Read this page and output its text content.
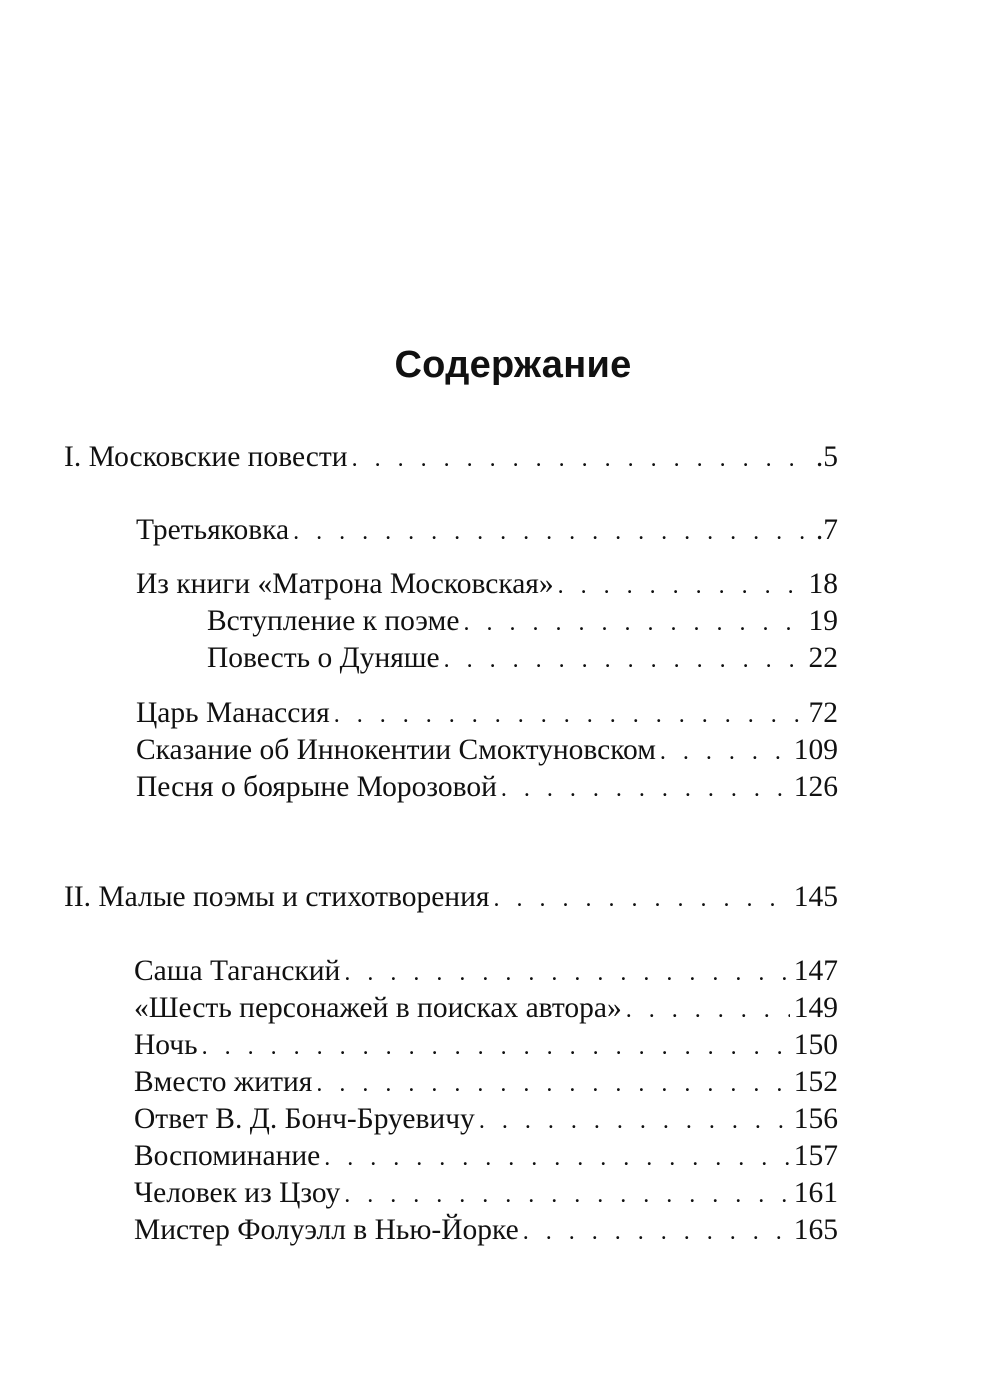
Содержание
I. Московские повести . . .	.5
Третьяковка . . .	.7
Из книги «Матрона Московская» . . .	18
Вступление к поэме . . .	19
Повесть о Дуняше . . .	22
Царь Манассия . . .	72
Сказание об Иннокентии Смоктуновском . . .	109
Песня о боярыне Морозовой . . .	126
II. Малые поэмы и стихотворения . . .	145
Саша Таганский . . .	147
«Шесть персонажей в поисках автора» . . .	149
Ночь . . .	150
Вместо жития . . .	152
Ответ В. Д. Бонч-Бруевичу . . .	156
Воспоминание . . .	157
Человек из Цзоу . . .	161
Мистер Фолуэлл в Нью-Йорке . . .	165
